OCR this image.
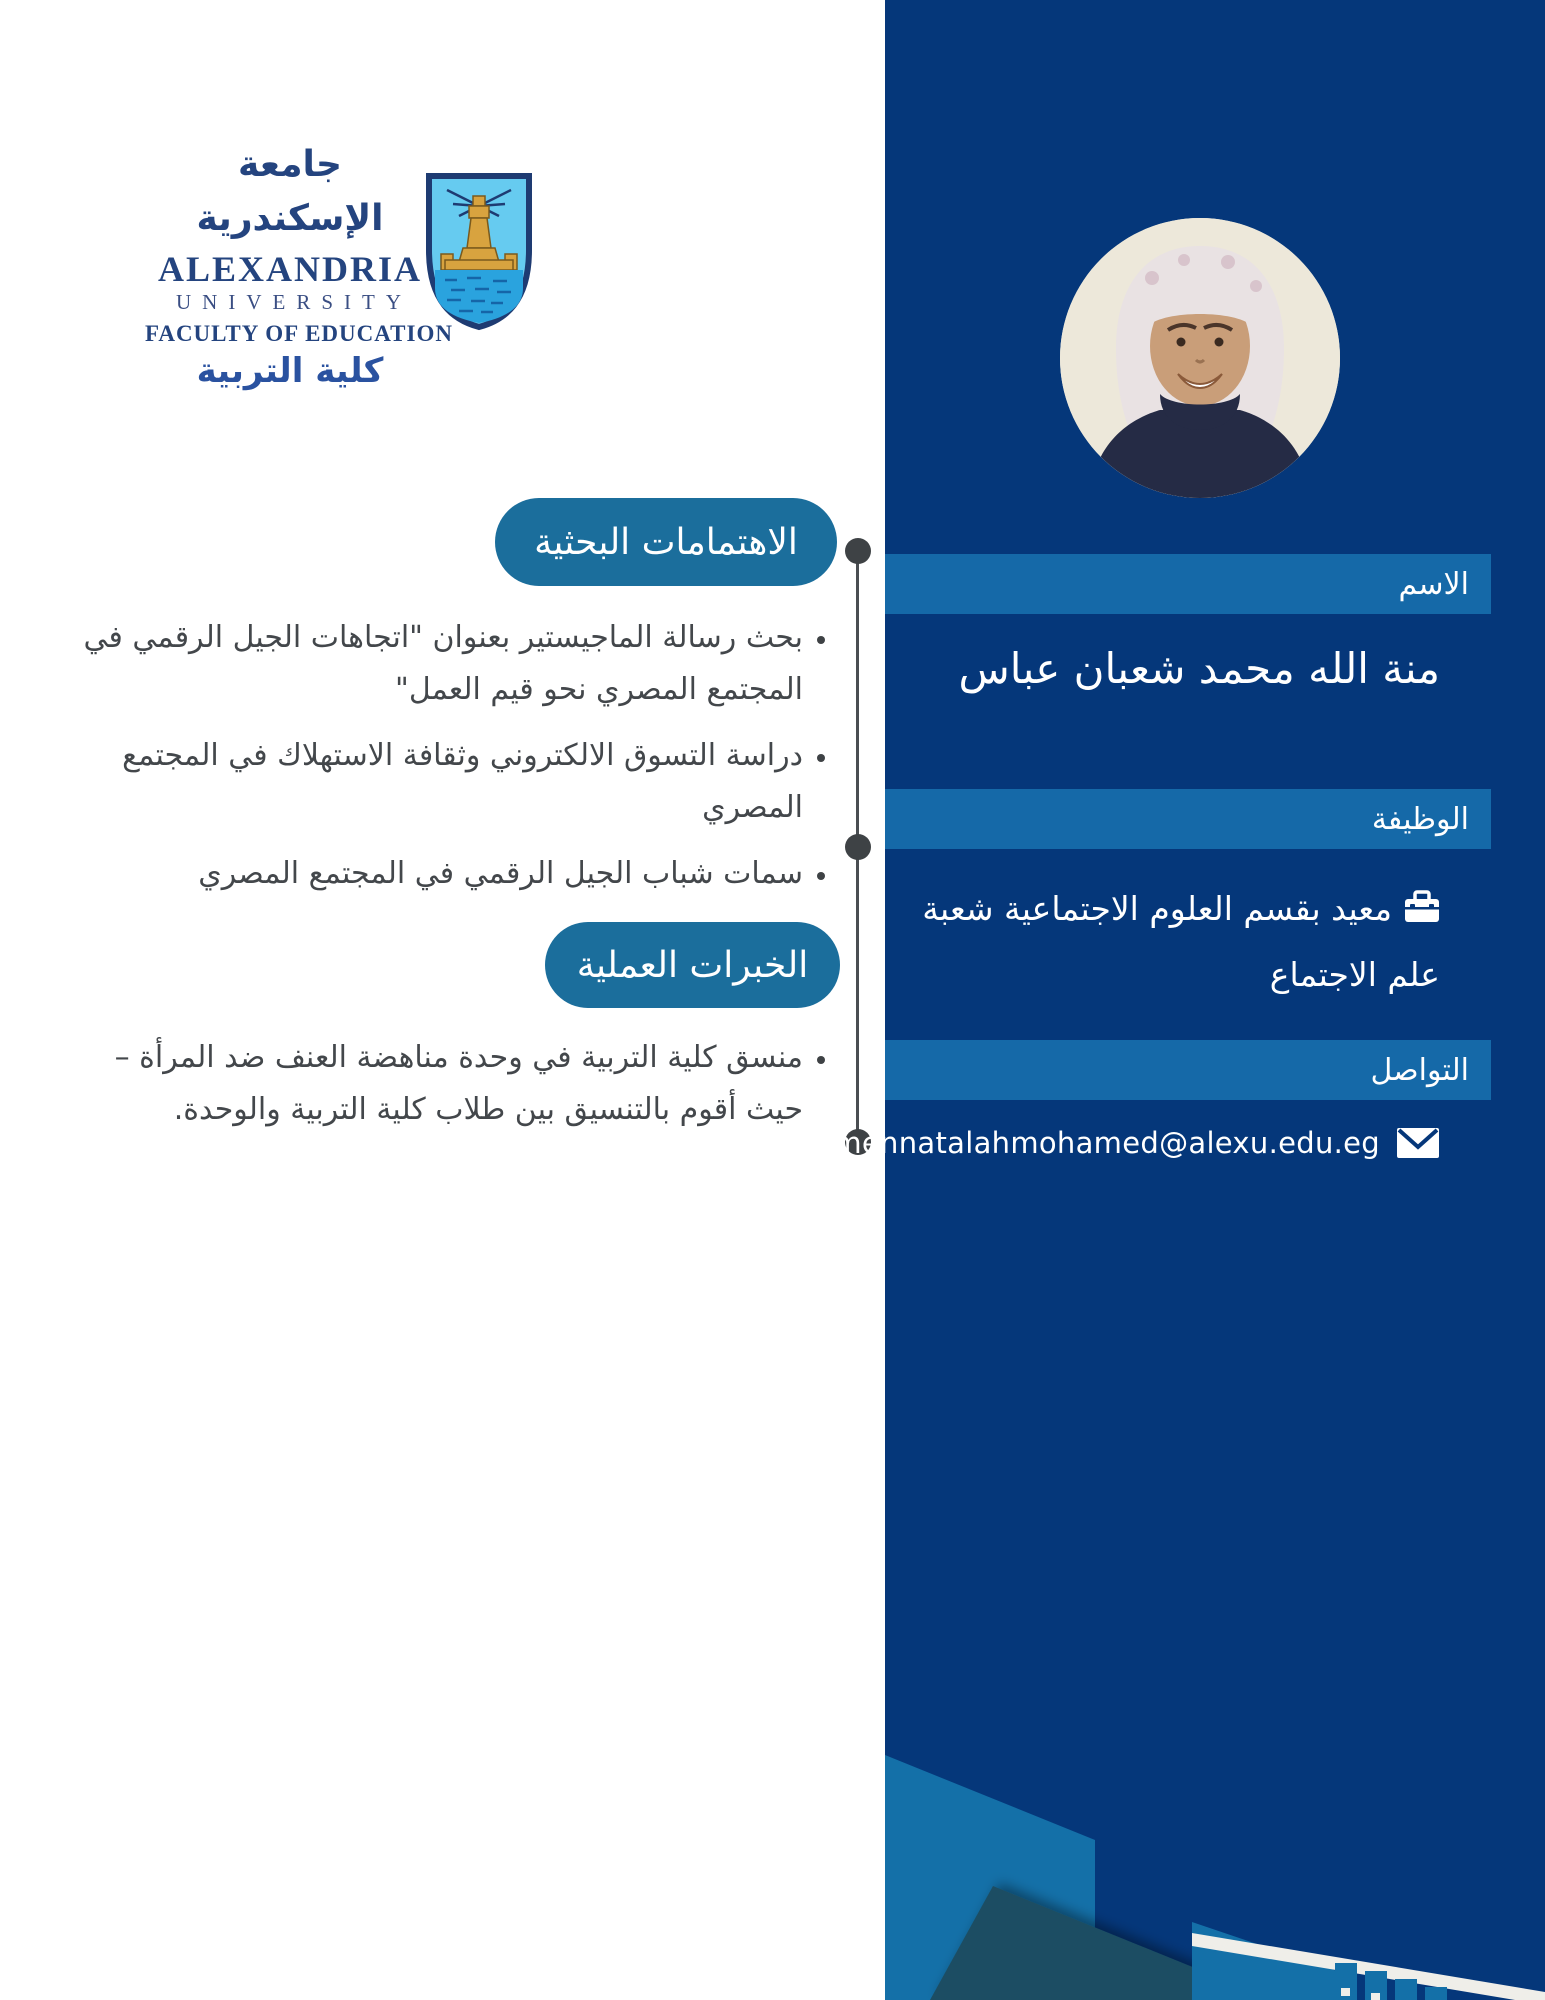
جامعة الإسكندرية
ALEXANDRIA
UNIVERSITY
FACULTY OF EDUCATION
كلية التربية
الاهتمامات البحثية
• بحث رسالة الماجيستير بعنوان "اتجاهات الجيل الرقمي في المجتمع المصري نحو قيم العمل"
• دراسة التسوق الالكتروني وثقافة الاستهلاك في المجتمع المصري
• سمات شباب الجيل الرقمي في المجتمع المصري
الخبرات العملية
• منسق كلية التربية في وحدة مناهضة العنف ضد المرأة – حيث أقوم بالتنسيق بين طلاب كلية التربية والوحدة.
الاسم
منة الله محمد شعبان عباس
الوظيفة
معيد بقسم العلوم الاجتماعية شعبة علم الاجتماع
التواصل
mennatalahmohamed@alexu.edu.eg
